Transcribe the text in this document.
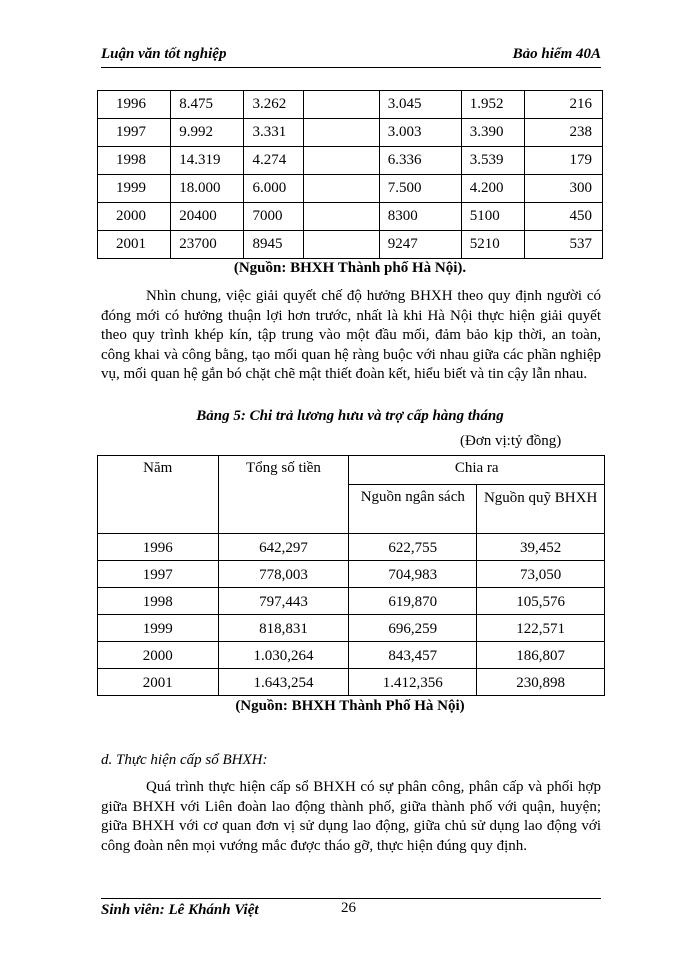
Luận văn tốt nghiệp	Bảo hiểm 40A
1996	8.475	3.262		3.045	1.952	216
1997	9.992	3.331		3.003	3.390	238
1998	14.319	4.274		6.336	3.539	179
1999	18.000	6.000		7.500	4.200	300
2000	20400	7000		8300	5100	450
2001	23700	8945		9247	5210	537
(Nguồn: BHXH Thành phố Hà Nội).
Nhìn chung, việc giải quyết chế độ hưởng BHXH theo quy định người có đóng mới có hưởng thuận lợi hơn trước, nhất là khi Hà Nội thực hiện giải quyết theo quy trình khép kín, tập trung vào một đầu mối, đảm bảo kịp thời, an toàn, công khai và công bằng, tạo mối quan hệ ràng buộc với nhau giữa các phần nghiệp vụ, mối quan hệ gắn bó chặt chẽ mật thiết đoàn kết, hiểu biết và tin cậy lẫn nhau.
Bảng 5: Chi trả lương hưu và trợ cấp hàng tháng
(Đơn vị:tỷ đồng)
Năm	Tổng số tiền	Chia ra	
		Nguồn ngân sách	Nguồn quỹ BHXH
1996	642,297	622,755	39,452
1997	778,003	704,983	73,050
1998	797,443	619,870	105,576
1999	818,831	696,259	122,571
2000	1.030,264	843,457	186,807
2001	1.643,254	1.412,356	230,898
(Nguồn: BHXH Thành Phố Hà Nội)
d. Thực hiện cấp sổ BHXH:
Quá trình thực hiện cấp sổ BHXH có sự phân công, phân cấp và phối hợp giữa BHXH với Liên đoàn lao động thành phố, giữa thành phố với quận, huyện; giữa BHXH với cơ quan đơn vị sử dụng lao động, giữa chủ sử dụng lao động với công đoàn nên mọi vướng mắc được tháo gỡ, thực hiện đúng quy định.
Sinh viên: Lê Khánh Việt	26
